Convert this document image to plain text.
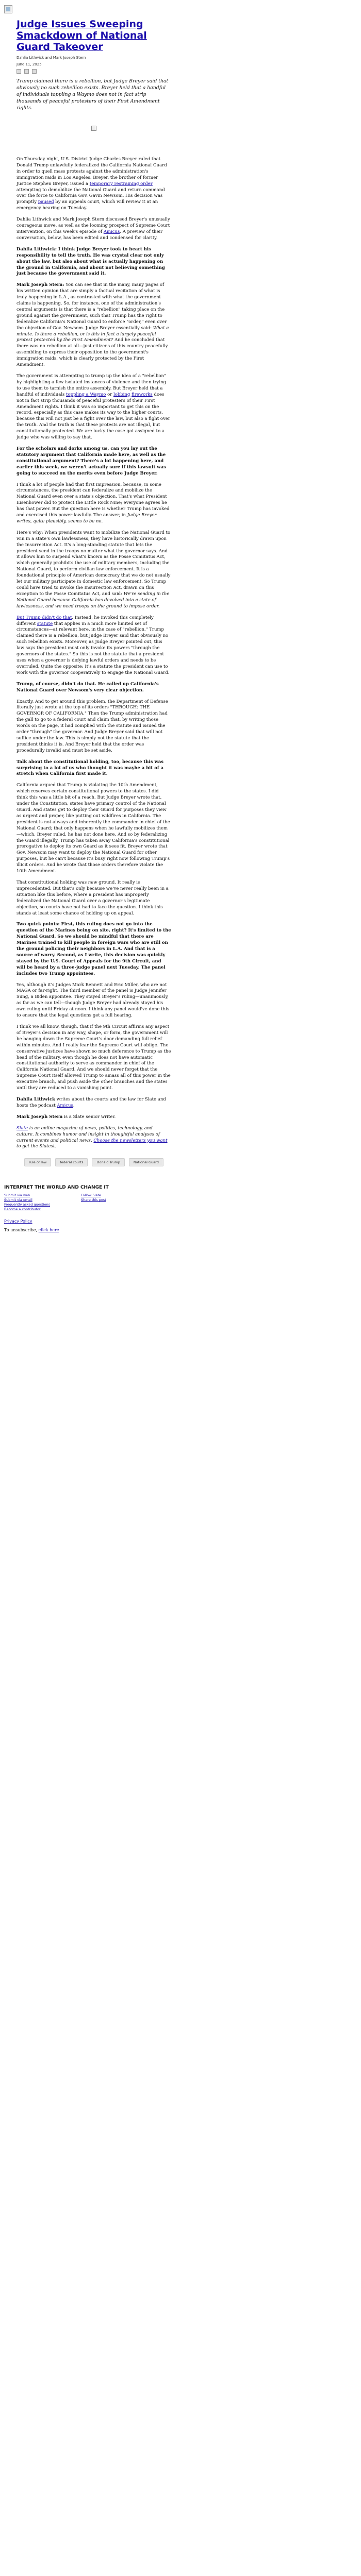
Judge Issues Sweeping Smackdown of National Guard Takeover
Dahlia Lithwick and Mark Joseph Stern
June 11, 2025

Trump claimed there is a rebellion, but Judge Breyer said that obviously no such rebellion exists. Breyer held that a handful of individuals toppling a Waymo does not in fact strip thousands of peaceful protesters of their First Amendment rights.

On Thursday night, U.S. District Judge Charles Breyer ruled that Donald Trump unlawfully federalized the California National Guard in order to quell mass protests against the administration's immigration raids in Los Angeles. Breyer, the brother of former Justice Stephen Breyer, issued a temporary restraining order attempting to demobilize the National Guard and return command over the force to California Gov. Gavin Newsom. His decision was promptly paused by an appeals court, which will review it at an emergency hearing on Tuesday.

Dahlia Lithwick and Mark Joseph Stern discussed Breyer's unusually courageous move, as well as the looming prospect of Supreme Court intervention, on this week's episode of Amicus. A preview of their conversation, below, has been edited and condensed for clarity.

Dahlia Lithwick: I think Judge Breyer took to heart his responsibility to tell the truth. He was crystal clear not only about the law, but also about what is actually happening on the ground in California, and about not believing something just because the government said it.

Mark Joseph Stern: You can see that in the many, many pages of his written opinion that are simply a factual recitation of what is truly happening in L.A., as contrasted with what the government claims is happening. So, for instance, one of the administration's central arguments is that there is a "rebellion" taking place on the ground against the government, such that Trump has the right to federalize California's National Guard to enforce "order," even over the objection of Gov. Newsom. Judge Breyer essentially said: What a minute. Is there a rebellion, or is this in fact a largely peaceful protest protected by the First Amendment? And he concluded that there was no rebellion at all—just citizens of this country peacefully assembling to express their opposition to the government's immigration raids, which is clearly protected by the First Amendment.

The government is attempting to trump up the idea of a "rebellion" by highlighting a few isolated instances of violence and then trying to use them to tarnish the entire assembly. But Breyer held that a handful of individuals toppling a Waymo or lobbing fireworks does not in fact strip thousands of peaceful protesters of their First Amendment rights. I think it was so important to get this on the record, especially as this case makes its way to the higher courts, because this will not just be a fight over the law, but also a fight over the truth. And the truth is that these protests are not illegal, but constitutionally protected. We are lucky the case got assigned to a judge who was willing to say that.

For the scholars and dorks among us, can you lay out the statutory argument that California made here, as well as the constitutional argument? There's a lot happening here, and earlier this week, we weren't actually sure if this lawsuit was going to succeed on the merits even before Judge Breyer.

I think a lot of people had that first impression, because, in some circumstances, the president can federalize and mobilize the National Guard even over a state's objection. That's what President Eisenhower did to protect the Little Rock Nine; everyone agrees he has that power. But the question here is whether Trump has invoked and exercised this power lawfully. The answer, in Judge Breyer writes, quite plausibly, seems to be no.

Here's why: When presidents want to mobilize the National Guard to win in a state's own lawlessness, they have historically drawn upon the Insurrection Act. It's a long-standing statute that lets the president send in the troops no matter what the governor says. And it allows him to suspend what's known as the Posse Comitatus Act, which generally prohibits the use of military members, including the National Guard, to perform civilian law enforcement. It is a foundational principle of American democracy that we do not usually let our military participate in domestic law enforcement. So Trump could have tried to invoke the Insurrection Act, drawn on this exception to the Posse Comitatus Act, and said: We're sending in the National Guard because California has devolved into a state of lawlessness, and we need troops on the ground to impose order.

But Trump didn't do that. Instead, he invoked this completely different statute that applies in a much more limited set of circumstances—at relevant here, in the case of "rebellion." Trump claimed there is a rebellion, but Judge Breyer said that obviously no such rebellion exists. Moreover, as Judge Breyer pointed out, this law says the president must only invoke its powers "through the governors of the states." So this is not the statute that a president uses when a governor is defying lawful orders and needs to be overruled. Quite the opposite: It's a statute the president can use to work with the governor cooperatively to engage the National Guard.

Trump, of course, didn't do that. He called up California's National Guard over Newsom's very clear objection.

Exactly. And to get around this problem, the Department of Defense literally just wrote at the top of its orders "THROUGH: THE GOVERNOR OF CALIFORNIA." Then the Trump administration had the gall to go to a federal court and claim that, by writing those words on the page, it had complied with the statute and issued the order "through" the governor. And Judge Breyer said that will not suffice under the law. This is simply not the statute that the president thinks it is. And Breyer held that the order was procedurally invalid and must be set aside.

Talk about the constitutional holding, too, because this was surprising to a lot of us who thought it was maybe a bit of a stretch when California first made it.

California argued that Trump is violating the 10th Amendment, which reserves certain constitutional powers to the states. I did think this was a little bit of a reach. But Judge Breyer wrote that, under the Constitution, states have primary control of the National Guard. And states get to deploy their Guard for purposes they view as urgent and proper, like putting out wildfires in California. The president is not always and inherently the commander in chief of the National Guard; that only happens when he lawfully mobilizes them—which, Breyer ruled, he has not done here. And so by federalizing the Guard illegally, Trump has taken away California's constitutional prerogative to deploy its own Guard as it sees fit. Breyer wrote that Gov. Newsom may want to deploy the National Guard for other purposes, but he can't because it's busy right now following Trump's illicit orders. And he wrote that those orders therefore violate the 10th Amendment.

That constitutional holding was new ground. It really is unprecedented. But that's only because we've never really been in a situation like this before, where a president has improperly federalized the National Guard over a governor's legitimate objection, so courts have not had to face the question. I think this stands at least some chance of holding up on appeal.

Two quick points: First, this ruling does not go into the question of the Marines being on site, right? It's limited to the National Guard. So we should be mindful that there are Marines trained to kill people in foreign wars who are still on the ground policing their neighbors in L.A. And that is a source of worry. Second, as I write, this decision was quickly stayed by the U.S. Court of Appeals for the 9th Circuit, and will be heard by a three-judge panel next Tuesday. The panel includes two Trump appointees.

Yes, although it's Judges Mark Bennett and Eric Miller, who are not MAGA or far-right. The third member of the panel is Judge Jennifer Sung, a Biden appointee. They stayed Breyer's ruling—unanimously, as far as we can tell—though Judge Breyer had already stayed his own ruling until Friday at noon. I think any panel would've done this to ensure that the legal questions get a full hearing.

I think we all know, though, that if the 9th Circuit affirms any aspect of Breyer's decision in any way, shape, or form, the government will be banging down the Supreme Court's door demanding full relief within minutes. And I really fear the Supreme Court will oblige. The conservative justices have shown so much deference to Trump as the head of the military, even though he does not have automatic constitutional authority to serve as commander in chief of the California National Guard. And we should never forget that the Supreme Court itself allowed Trump to amass all of this power in the executive branch, and push aside the other branches and the states until they are reduced to a vanishing point.

Dahlia Lithwick writes about the courts and the law for Slate and hosts the podcast Amicus.

Mark Joseph Stern is a Slate senior writer.

Slate is an online magazine of news, politics, technology, and culture. It combines humor and insight in thoughtful analyses of current events and political news. Choose the newsletters you want to get the Slatest.

rule of law	federal courts	Donald Trump	National Guard
INTERPRET THE WORLD AND CHANGE IT
Submit via web
Submit via email
Frequently asked questions
Become a contributor
Follow Slate
Share this post
Privacy Policy
To unsubscribe, click here
